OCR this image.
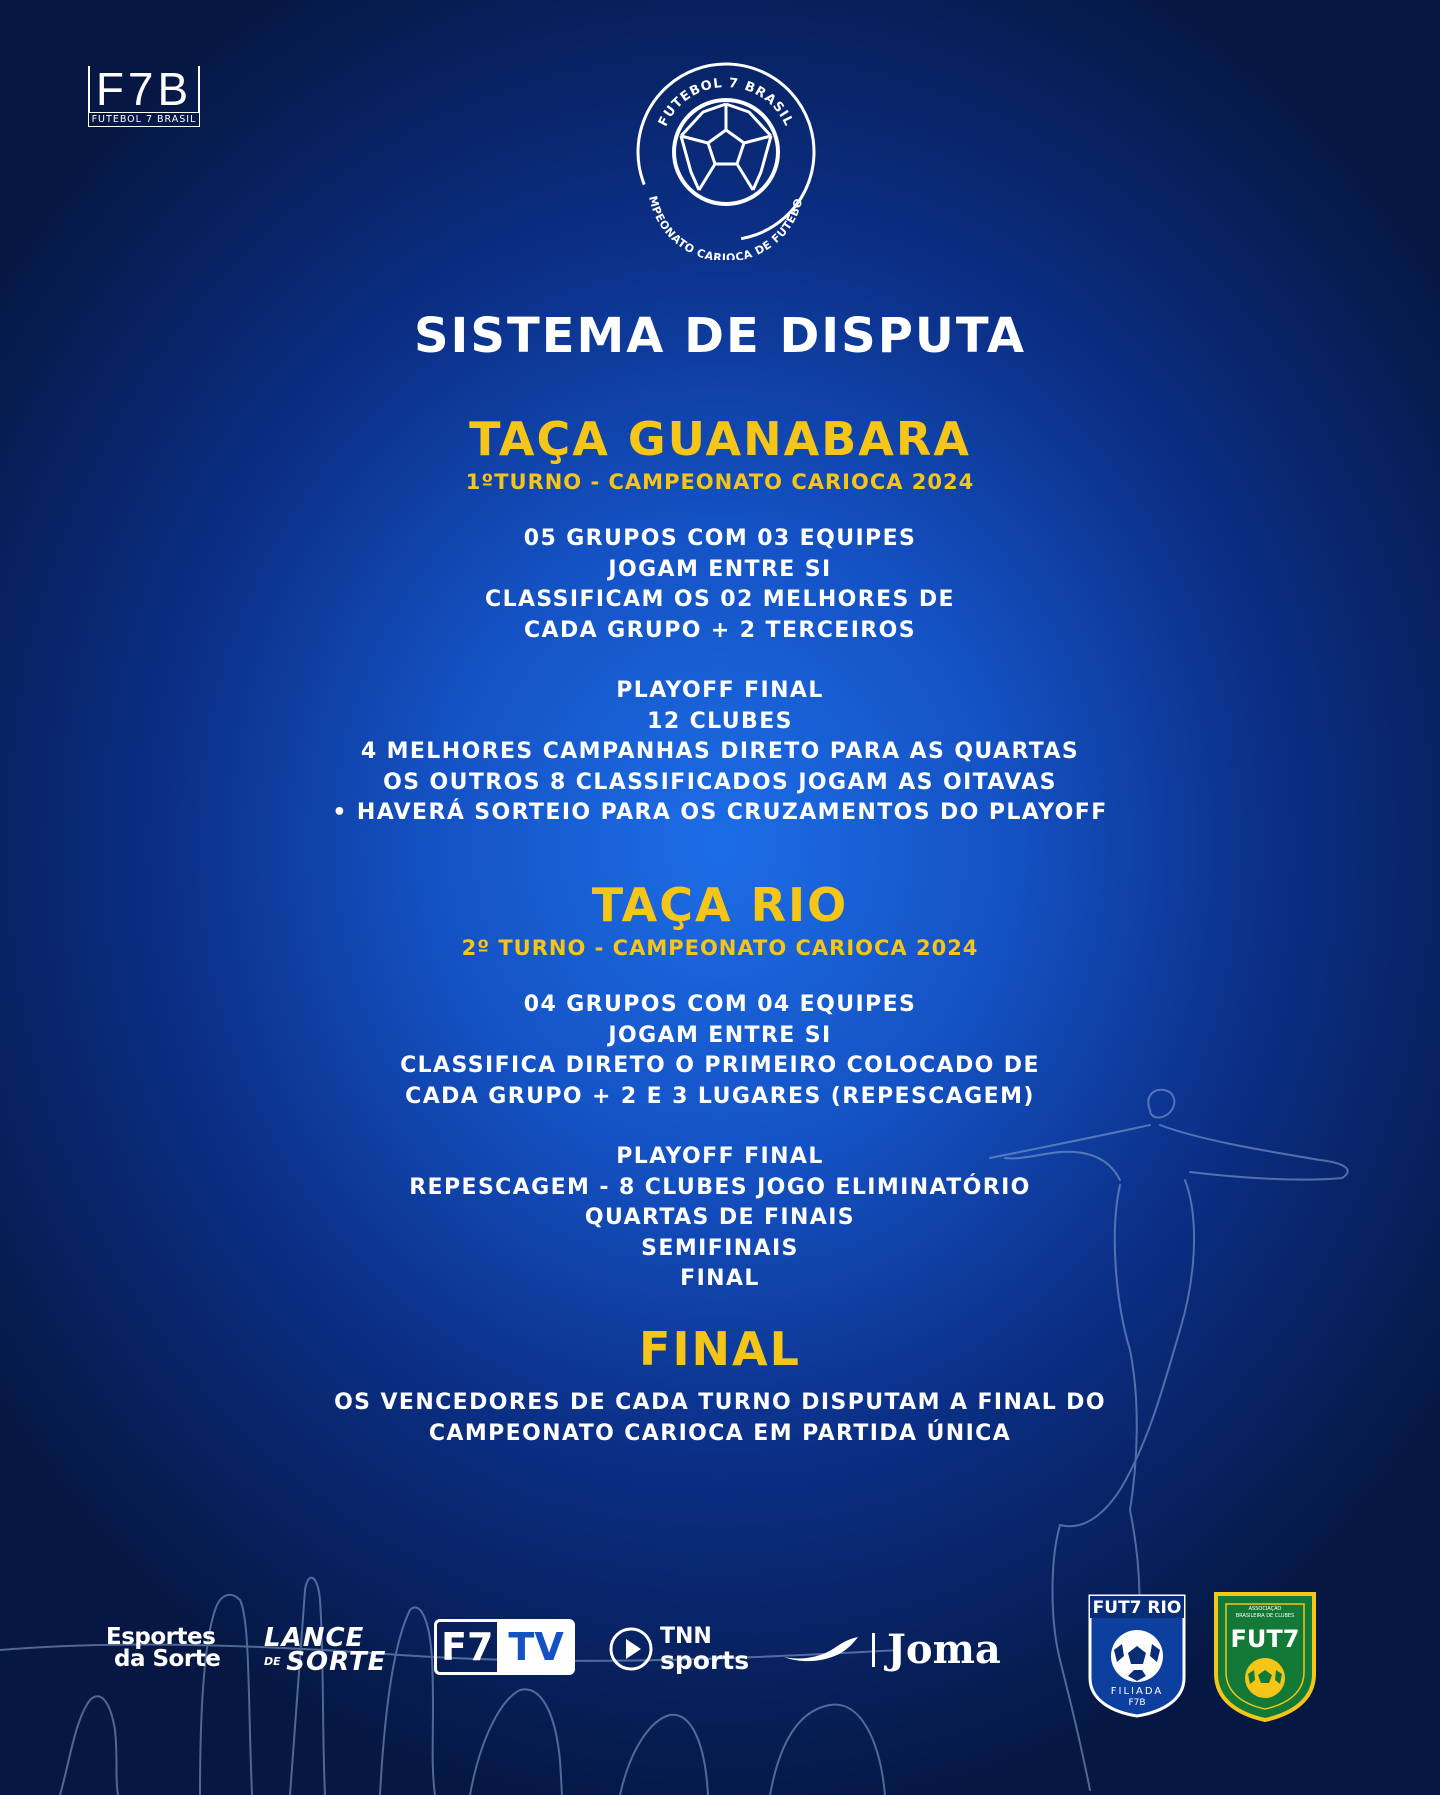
F7B
FUTEBOL 7 BRASIL	FUTEBOL 7 BRASIL
MPEONATO CARIOCA DE FUTEBO
SISTEMA DE DISPUTA
TAÇA GUANABARA
1ºTURNO - CAMPEONATO CARIOCA 2024
05 GRUPOS COM 03 EQUIPES
JOGAM ENTRE SI
CLASSIFICAM OS 02 MELHORES DE
CADA GRUPO + 2 TERCEIROS
PLAYOFF FINAL
12 CLUBES
4 MELHORES CAMPANHAS DIRETO PARA AS QUARTAS
OS OUTROS 8 CLASSIFICADOS JOGAM AS OITAVAS
• HAVERÁ SORTEIO PARA OS CRUZAMENTOS DO PLAYOFF
TAÇA RIO
2º TURNO - CAMPEONATO CARIOCA 2024
04 GRUPOS COM 04 EQUIPES
JOGAM ENTRE SI
CLASSIFICA DIRETO O PRIMEIRO COLOCADO DE
CADA GRUPO + 2 E 3 LUGARES (REPESCAGEM)
PLAYOFF FINAL
REPESCAGEM - 8 CLUBES JOGO ELIMINATÓRIO
QUARTAS DE FINAIS
SEMIFINAIS
FINAL
FINAL
OS VENCEDORES DE CADA TURNO DISPUTAM A FINAL DO
CAMPEONATO CARIOCA EM PARTIDA ÚNICA
Esportes
da Sorte
LANCE
$^{DE}$ SORTE	F7 TV	TNN
sports	Joma
FUT7 RIO
FILIADA
F7B
ASSOCIAÇÃO BRASILEIRA DE CLUBES
FUT7
